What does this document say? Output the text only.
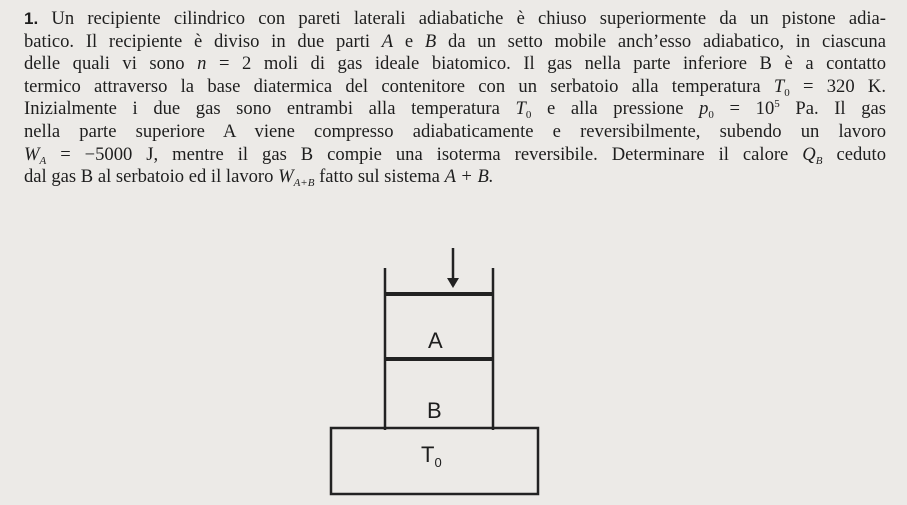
1. Un recipiente cilindrico con pareti laterali adiabatiche è chiuso superiormente da un pistone adia-
batico. Il recipiente è diviso in due parti A e B da un setto mobile anch’esso adiabatico, in ciascuna
delle quali vi sono n = 2 moli di gas ideale biatomico. Il gas nella parte inferiore B è a contatto
termico attraverso la base diatermica del contenitore con un serbatoio alla temperatura $T_0 = 320$ K.
Inizialmente i due gas sono entrambi alla temperatura $T_0$ e alla pressione $p_0 = 10^5$ Pa. Il gas
nella parte superiore A viene compresso adiabaticamente e reversibilmente, subendo un lavoro
$W_A = -5000$ J, mentre il gas B compie una isoterma reversibile. Determinare il calore $Q_B$ ceduto
dal gas B al serbatoio ed il lavoro $W_{A+B}$ fatto sul sistema A + B.
A
B
$T_0$
